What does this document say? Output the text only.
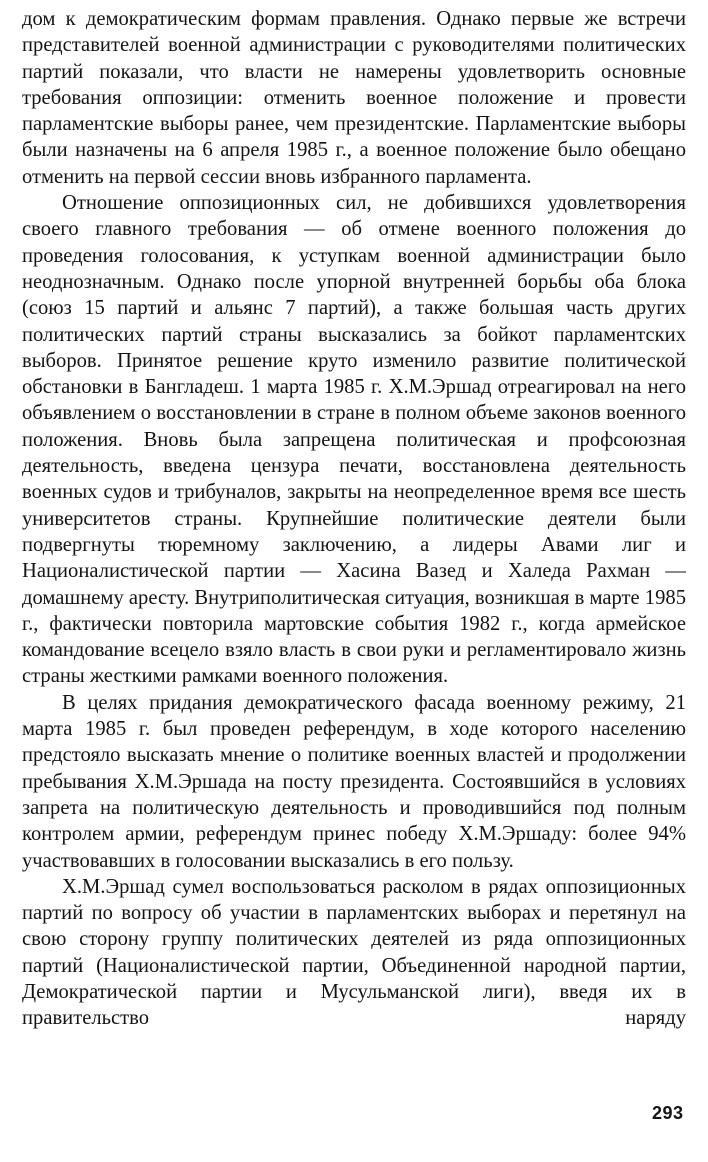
дом к демократическим формам правления. Однако первые же встречи представителей военной администрации с руководителями политических партий показали, что власти не намерены удовлетворить основные требования оппозиции: отменить военное положение и провести парламентские выборы ранее, чем президентские. Парламентские выборы были назначены на 6 апреля 1985 г., а военное положение было обещано отменить на первой сессии вновь избранного парламента.

Отношение оппозиционных сил, не добившихся удовлетворения своего главного требования — об отмене военного положения до проведения голосования, к уступкам военной администрации было неоднозначным. Однако после упорной внутренней борьбы оба блока (союз 15 партий и альянс 7 партий), а также большая часть других политических партий страны высказались за бойкот парламентских выборов. Принятое решение круто изменило развитие политической обстановки в Бангладеш. 1 марта 1985 г. Х.М.Эршад отреагировал на него объявлением о восстановлении в стране в полном объеме законов военного положения. Вновь была запрещена политическая и профсоюзная деятельность, введена цензура печати, восстановлена деятельность военных судов и трибуналов, закрыты на неопределенное время все шесть университетов страны. Крупнейшие политические деятели были подвергнуты тюремному заключению, а лидеры Авами лиг и Националистической партии — Хасина Вазед и Халеда Рахман — домашнему аресту. Внутриполитическая ситуация, возникшая в марте 1985 г., фактически повторила мартовские события 1982 г., когда армейское командование всецело взяло власть в свои руки и регламентировало жизнь страны жесткими рамками военного положения.

В целях придания демократического фасада военному режиму, 21 марта 1985 г. был проведен референдум, в ходе которого населению предстояло высказать мнение о политике военных властей и продолжении пребывания Х.М.Эршада на посту президента. Состоявшийся в условиях запрета на политическую деятельность и проводившийся под полным контролем армии, референдум принес победу Х.М.Эршаду: более 94% участвовавших в голосовании высказались в его пользу.

Х.М.Эршад сумел воспользоваться расколом в рядах оппозиционных партий по вопросу об участии в парламентских выборах и перетянул на свою сторону группу политических деятелей из ряда оппозиционных партий (Националистической партии, Объединенной народной партии, Демократической партии и Мусульманской лиги), введя их в правительство наряду

293
